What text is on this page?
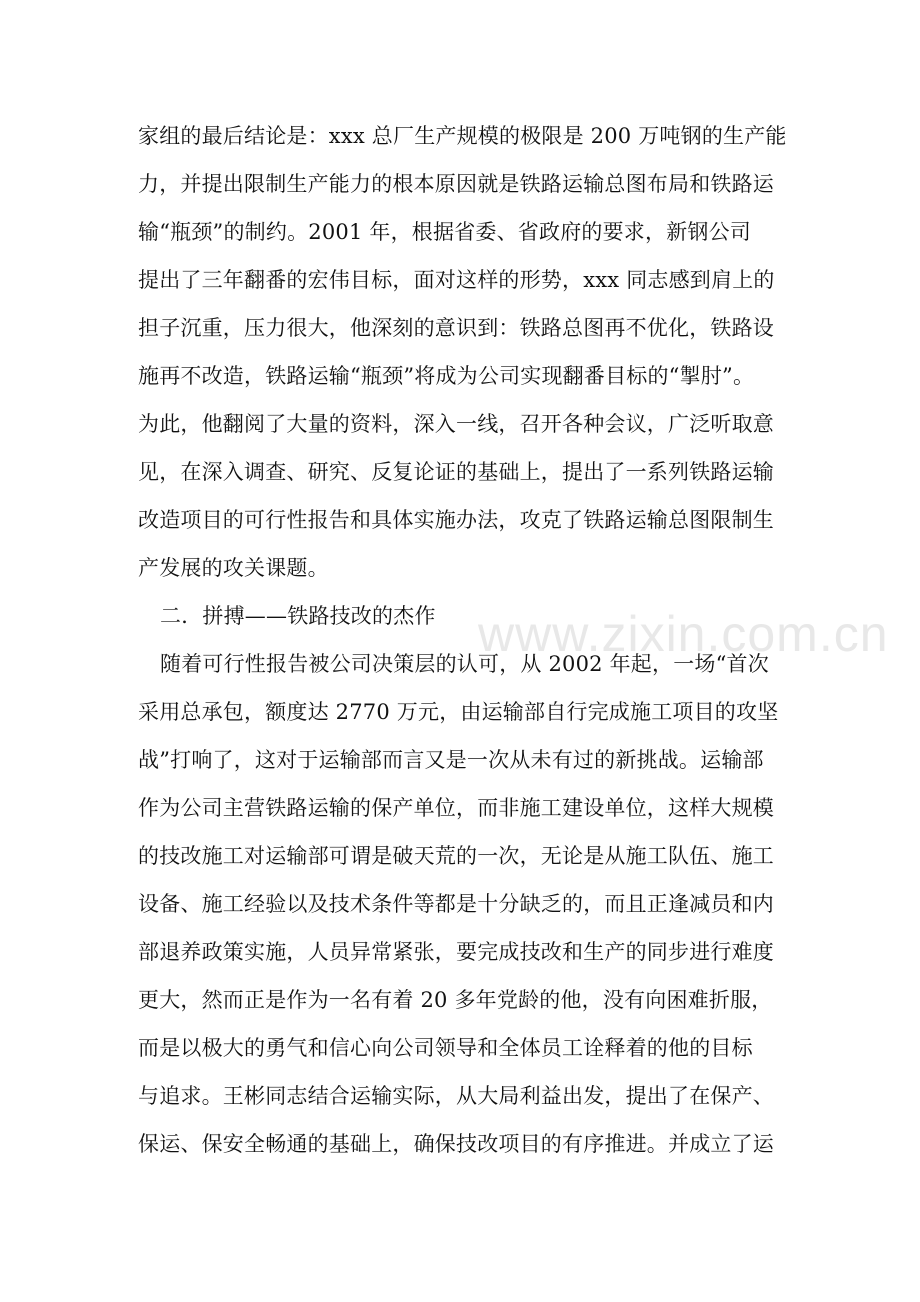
www.zixin.com.cn
家组的最后结论是：xxx 总厂生产规模的极限是 200 万吨钢的生产能
力，并提出限制生产能力的根本原因就是铁路运输总图布局和铁路运
输“瓶颈”的制约。2001 年，根据省委、省政府的要求，新钢公司
提出了三年翻番的宏伟目标，面对这样的形势，xxx 同志感到肩上的
担子沉重，压力很大，他深刻的意识到：铁路总图再不优化，铁路设
施再不改造，铁路运输“瓶颈”将成为公司实现翻番目标的“掣肘”。
为此，他翻阅了大量的资料，深入一线，召开各种会议，广泛听取意
见，在深入调查、研究、反复论证的基础上，提出了一系列铁路运输
改造项目的可行性报告和具体实施办法，攻克了铁路运输总图限制生
产发展的攻关课题。
二．拼搏——铁路技改的杰作
随着可行性报告被公司决策层的认可，从 2002 年起，一场“首次
采用总承包，额度达 2770 万元，由运输部自行完成施工项目的攻坚
战”打响了，这对于运输部而言又是一次从未有过的新挑战。运输部
作为公司主营铁路运输的保产单位，而非施工建设单位，这样大规模
的技改施工对运输部可谓是破天荒的一次，无论是从施工队伍、施工
设备、施工经验以及技术条件等都是十分缺乏的，而且正逢减员和内
部退养政策实施，人员异常紧张，要完成技改和生产的同步进行难度
更大，然而正是作为一名有着 20 多年党龄的他，没有向困难折服，
而是以极大的勇气和信心向公司领导和全体员工诠释着的他的目标
与追求。王彬同志结合运输实际，从大局利益出发，提出了在保产、
保运、保安全畅通的基础上，确保技改项目的有序推进。并成立了运
